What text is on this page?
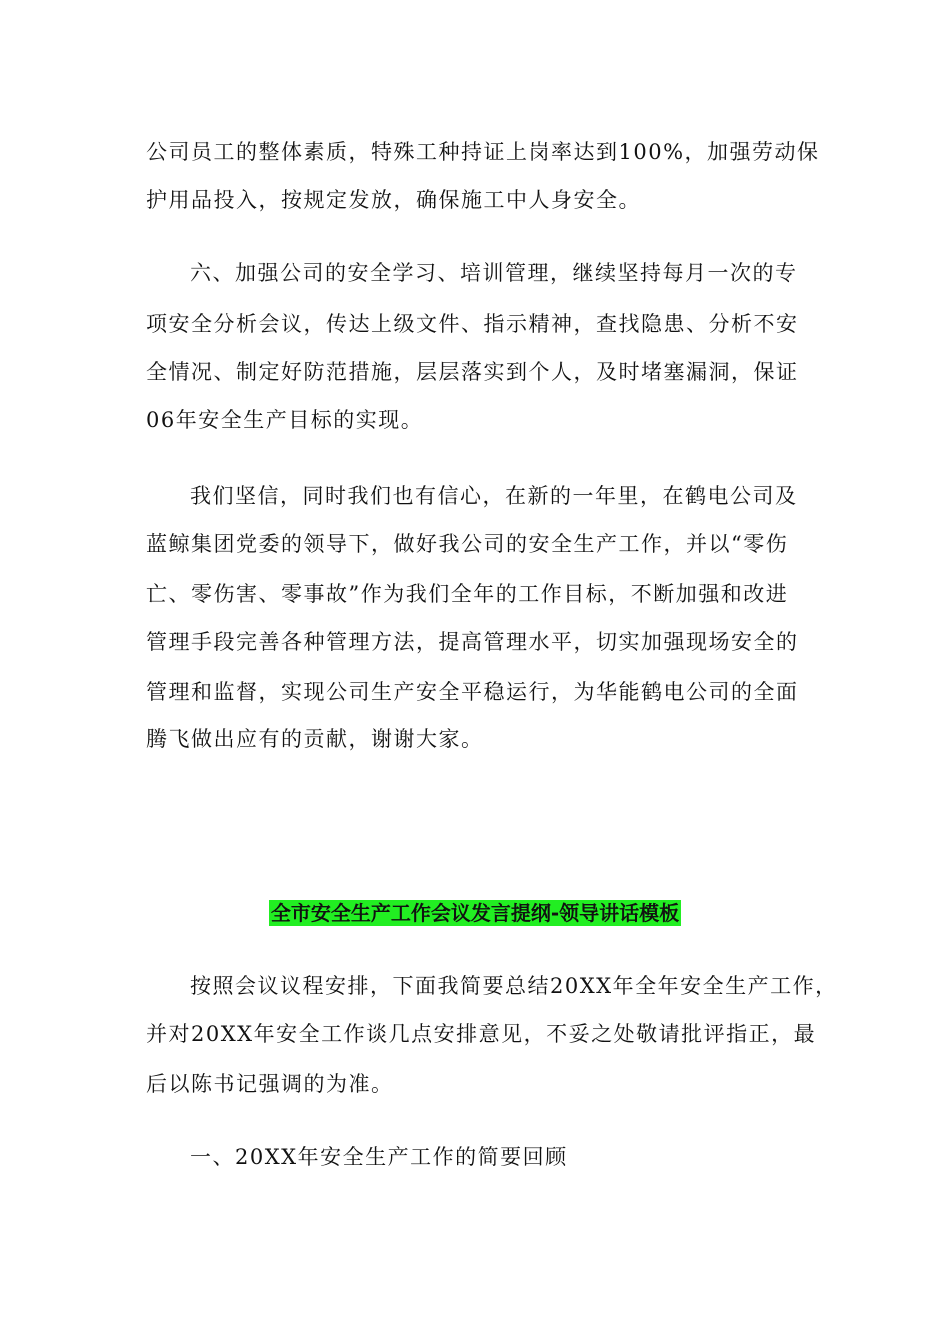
公司员工的整体素质，特殊工种持证上岗率达到100%，加强劳动保
护用品投入，按规定发放，确保施工中人身安全。
六、加强公司的安全学习、培训管理，继续坚持每月一次的专
项安全分析会议，传达上级文件、指示精神，查找隐患、分析不安
全情况、制定好防范措施，层层落实到个人，及时堵塞漏洞，保证
06年安全生产目标的实现。
我们坚信，同时我们也有信心，在新的一年里，在鹤电公司及
蓝鲸集团党委的领导下，做好我公司的安全生产工作，并以“零伤
亡、零伤害、零事故”作为我们全年的工作目标，不断加强和改进
管理手段完善各种管理方法，提高管理水平，切实加强现场安全的
管理和监督，实现公司生产安全平稳运行，为华能鹤电公司的全面
腾飞做出应有的贡献，谢谢大家。
全市安全生产工作会议发言提纲-领导讲话模板
按照会议议程安排，下面我简要总结20XX年全年安全生产工作，
并对20XX年安全工作谈几点安排意见，不妥之处敬请批评指正，最
后以陈书记强调的为准。
一、20XX年安全生产工作的简要回顾
